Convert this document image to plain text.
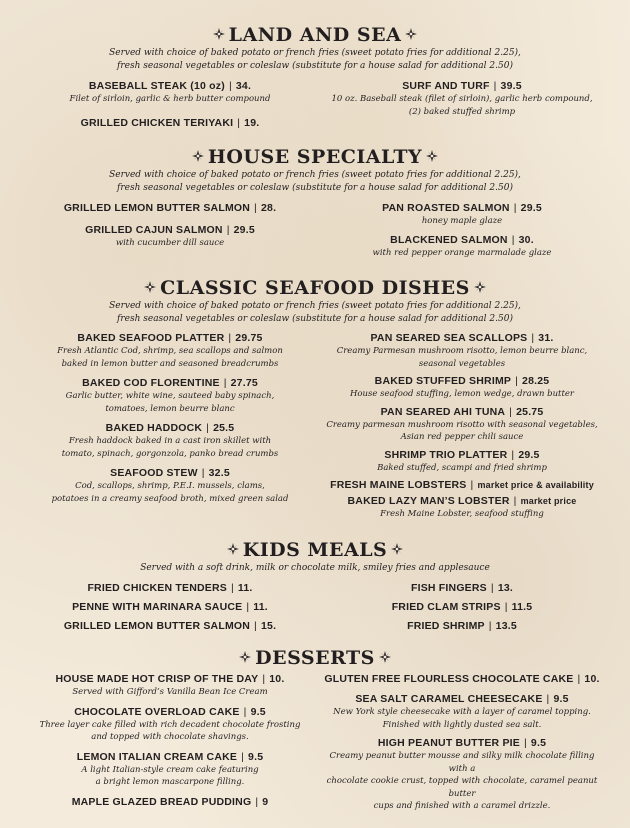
LAND AND SEA
Served with choice of baked potato or french fries (sweet potato fries for additional 2.25),
fresh seasonal vegetables or coleslaw (substitute for a house salad for additional 2.50)
BASEBALL STEAK (10 oz) | 34.
Filet of sirloin, garlic & herb butter compound
GRILLED CHICKEN TERIYAKI | 19.
SURF AND TURF | 39.5
10 oz. Baseball steak (filet of sirloin), garlic herb compound,
(2) baked stuffed shrimp
HOUSE SPECIALTY
Served with choice of baked potato or french fries (sweet potato fries for additional 2.25),
fresh seasonal vegetables or coleslaw (substitute for a house salad for additional 2.50)
GRILLED LEMON BUTTER SALMON | 28.
GRILLED CAJUN SALMON | 29.5
with cucumber dill sauce
PAN ROASTED SALMON | 29.5
honey maple glaze
BLACKENED SALMON | 30.
with red pepper orange marmalade glaze
CLASSIC SEAFOOD DISHES
Served with choice of baked potato or french fries (sweet potato fries for additional 2.25),
fresh seasonal vegetables or coleslaw (substitute for a house salad for additional 2.50)
BAKED SEAFOOD PLATTER | 29.75
Fresh Atlantic Cod, shrimp, sea scallops and salmon
baked in lemon butter and seasoned breadcrumbs
BAKED COD FLORENTINE | 27.75
Garlic butter, white wine, sauteed baby spinach,
tomatoes, lemon beurre blanc
BAKED HADDOCK | 25.5
Fresh haddock baked in a cast iron skillet with
tomato, spinach, gorgonzola, panko bread crumbs
SEAFOOD STEW | 32.5
Cod, scallops, shrimp, P.E.I. mussels, clams,
potatoes in a creamy seafood broth, mixed green salad
PAN SEARED SEA SCALLOPS | 31.
Creamy Parmesan mushroom risotto, lemon beurre blanc,
seasonal vegetables
BAKED STUFFED SHRIMP | 28.25
House seafood stuffing, lemon wedge, drawn butter
PAN SEARED AHI TUNA | 25.75
Creamy parmesan mushroom risotto with seasonal vegetables,
Asian red pepper chili sauce
SHRIMP TRIO PLATTER | 29.5
Baked stuffed, scampi and fried shrimp
FRESH MAINE LOBSTERS | market price & availability
BAKED LAZY MAN’S LOBSTER | market price
Fresh Maine Lobster, seafood stuffing
KIDS MEALS
Served with a soft drink, milk or chocolate milk, smiley fries and applesauce
FRIED CHICKEN TENDERS | 11.
PENNE WITH MARINARA SAUCE | 11.
GRILLED LEMON BUTTER SALMON | 15.
FISH FINGERS | 13.
FRIED CLAM STRIPS | 11.5
FRIED SHRIMP | 13.5
DESSERTS
HOUSE MADE HOT CRISP OF THE DAY | 10.
Served with Gifford’s Vanilla Bean Ice Cream
CHOCOLATE OVERLOAD CAKE | 9.5
Three layer cake filled with rich decadent chocolate frosting
and topped with chocolate shavings.
LEMON ITALIAN CREAM CAKE | 9.5
A light Italian-style cream cake featuring
a bright lemon mascarpone filling.
MAPLE GLAZED BREAD PUDDING | 9
GLUTEN FREE FLOURLESS CHOCOLATE CAKE | 10.
SEA SALT CARAMEL CHEESECAKE | 9.5
New York style cheesecake with a layer of caramel topping.
Finished with lightly dusted sea salt.
HIGH PEANUT BUTTER PIE | 9.5
Creamy peanut butter mousse and silky milk chocolate filling with a
chocolate cookie crust, topped with chocolate, caramel peanut butter
cups and finished with a caramel drizzle.
